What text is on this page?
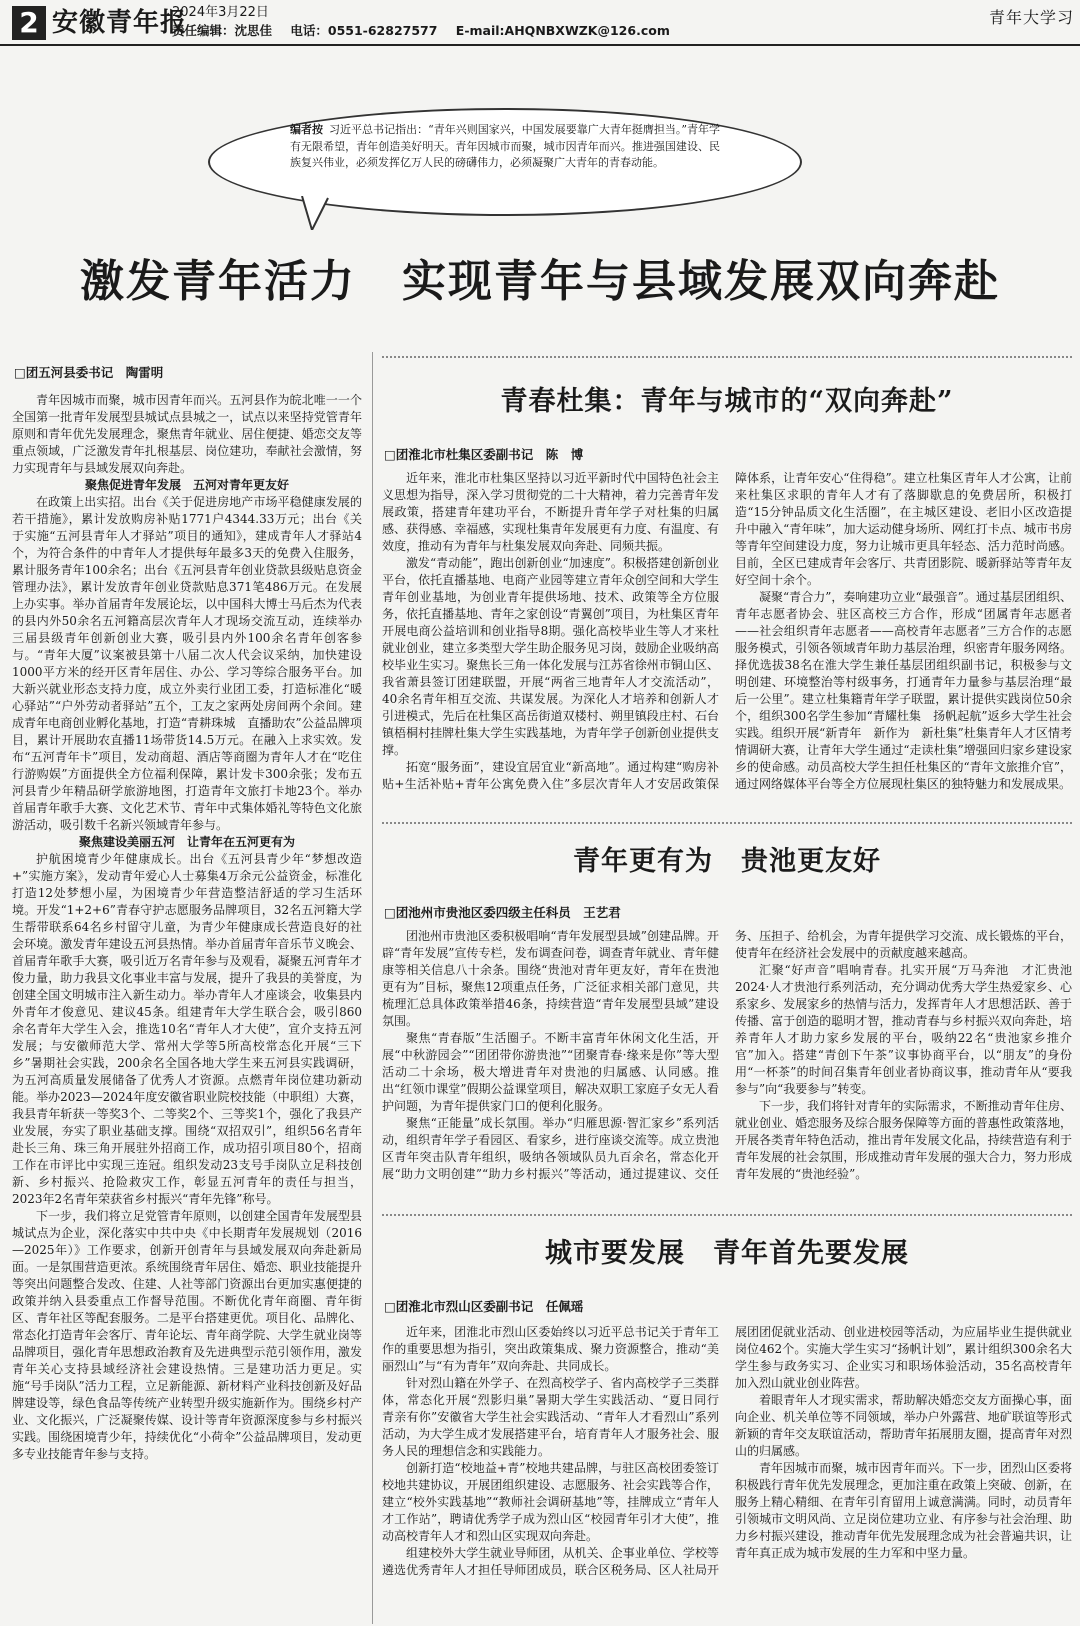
2 安徽青年报
2024年3月22日
责任编辑：沈思佳 电话：0551-62827577 E-mail:AHQNBXWZK@126.com
青年大学习
编者按 习近平总书记指出：“青年兴则国家兴，中国发展要靠广大青年挺膺担当。”青年学有无限希望，青年创造美好明天。青年因城市而聚，城市因青年而兴。推进强国建设、民族复兴伟业，必须发挥亿万人民的磅礴伟力，必须凝聚广大青年的青春动能。
激发青年活力　实现青年与县域发展双向奔赴
□团五河县委书记　陶雷明

青年因城市而聚，城市因青年而兴。五河县作为皖北唯一一个全国第一批青年发展型县城试点县城之一，试点以来坚持党管青年原则和青年优先发展理念，聚焦青年就业、居住便捷、婚恋交友等重点领域，广泛激发青年扎根基层、岗位建功，奉献社会激情，努力实现青年与县域发展双向奔赴。

聚焦促进青年发展　五河对青年更友好

在政策上出实招。出台《关于促进房地产市场平稳健康发展的若干措施》，累计发放购房补贴1771户4344.33万元；出台《关于实施“五河县青年人才驿站”项目的通知》，建成青年人才驿站4个，为符合条件的中青年人才提供每年最多3天的免费入住服务，累计服务青年100余名；出台《五河县青年创业贷款县级贴息资金管理办法》，累计发放青年创业贷款贴息371笔486万元。在发展上办实事。举办首届青年发展论坛，以中国科大博士马后杰为代表的县内外50余名五河籍高层次青年人才现场交流互动，连续举办三届县级青年创新创业大赛，吸引县内外100余名青年创客参与。“青年大厦”议案被县第十八届二次人代会议采纳，加快建设1000平方米的经开区青年居住、办公、学习等综合服务平台。加大新兴就业形态支持力度，成立外卖行业团工委，打造标准化“暖心驿站”“户外劳动者驿站”五个，工友之家两处房间两个余间。建成青年电商创业孵化基地，打造“青耕珠城　直播助农”公益品牌项目，累计开展助农直播11场带货14.5万元。在融入上求实效。发布“五河青年卡”项目，发动商超、酒店等商圈为青年人才在“吃住行游购娱”方面提供全方位福利保障，累计发卡300余张；发布五河县青少年精品研学旅游地图，打造青年文旅打卡地23个。举办首届青年歌手大赛、文化艺术节、青年中式集体婚礼等特色文化旅游活动，吸引数千名新兴领域青年参与。

聚焦建设美丽五河　让青年在五河更有为

护航困境青少年健康成长。出台《五河县青少年“梦想改造+”实施方案》，发动青年爱心人士募集4万余元公益资金，标准化打造12处梦想小屋，为困境青少年营造整洁舒适的学习生活环境。开发“1+2+6”青春守护志愿服务品牌项目，32名五河籍大学生帮带联系64名乡村留守儿童，为青少年健康成长营造良好的社会环境。激发青年建设五河县热情。举办首届青年音乐节义晚会、首届青年歌手大赛，吸引近万名青年参与及观看，凝聚五河青年才俊力量，助力我县文化事业丰富与发展，提升了我县的美誉度，为创建全国文明城市注入新生动力。举办青年人才座谈会，收集县内外青年才俊意见、建议45条。组建青年大学生联合会，吸引860余名青年大学生入会，推选10名“青年人才大使”，宣介支持五河发展；与安徽师范大学、常州大学等5所高校常态化开展“三下乡”暑期社会实践，200余名全国各地大学生来五河县实践调研，为五河高质量发展储备了优秀人才资源。点燃青年岗位建功新动能。举办2023—2024年度安徽省职业院校技能（中职组）大赛，我县青年斩获一等奖3个、二等奖2个、三等奖1个，强化了我县产业发展，夯实了职业基础支撑。围绕“双招双引”，组织56名青年赴长三角、珠三角开展驻外招商工作，成功招引项目80个，招商工作在市评比中实现三连冠。组织发动23支号手岗队立足科技创新、乡村振兴、抢险救灾工作，彰显五河青年的责任与担当，2023年2名青年荣获省乡村振兴“青年先锋”称号。

下一步，我们将立足党管青年原则，以创建全国青年发展型县城试点为企业，深化落实中共中央《中长期青年发展规划（2016—2025年）》工作要求，创新开创青年与县域发展双向奔赴新局面。一是氛围营造更浓。系统围绕青年居住、婚恋、职业技能提升等突出问题整合发改、住建、人社等部门资源出台更加实惠便捷的政策并纳入县委重点工作督导范围。不断优化青年商圈、青年街区、青年社区等配套服务。二是平台搭建更优。项目化、品牌化、常态化打造青年会客厅、青年论坛、青年商学院、大学生就业岗等品牌项目，强化青年思想政治教育及先进典型示范引领作用，激发青年关心支持县域经济社会建设热情。三是建功活力更足。实施“号手岗队”活力工程，立足新能源、新材料产业科技创新及好品牌建设等，绿色食品等传统产业转型升级实施新作为。围绕乡村产业、文化振兴，广泛凝聚传媒、设计等青年资源深度参与乡村振兴实践。围绕困境青少年，持续优化“小荷伞”公益品牌项目，发动更多专业技能青年参与支持。

青春杜集：青年与城市的“双向奔赴”
□团淮北市杜集区委副书记　陈　博

近年来，淮北市杜集区坚持以习近平新时代中国特色社会主义思想为指导，深入学习贯彻党的二十大精神，着力完善青年发展政策，搭建青年建功平台，不断提升青年学子对杜集的归属感、获得感、幸福感，实现杜集青年发展更有力度、有温度、有效度，推动有为青年与杜集发展双向奔赴、同频共振。

激发“青动能”，跑出创新创业“加速度”。积极搭建创新创业平台，依托直播基地、电商产业园等建立青年众创空间和大学生青年创业基地，为创业青年提供场地、技术、政策等全方位服务，依托直播基地、青年之家创设“青翼创”项目，为杜集区青年开展电商公益培训和创业指导8期。强化高校毕业生等人才来杜就业创业，建立多类型大学生助企服务见习岗，鼓励企业吸纳高校毕业生实习。聚焦长三角一体化发展与江苏省徐州市铜山区、我省萧县签订团建联盟，开展“两省三地青年人才交流活动”，40余名青年相互交流、共谋发展。为深化人才培养和创新人才引进模式，先后在杜集区高岳街道双楼村、朔里镇段庄村、石台镇梧桐村挂牌杜集大学生实践基地，为青年学子创新创业提供支撑。

拓宽“服务面”，建设宜居宜业“新高地”。通过构建“购房补贴+生活补贴+青年公寓免费入住”多层次青年人才安居政策保障体系，让青年安心“住得稳”。建立杜集区青年人才公寓，让前来杜集区求职的青年人才有了落脚歇息的免费居所，积极打造“15分钟品质文化生活圈”，在主城区建设、老旧小区改造提升中融入“青年味”，加大运动健身场所、网红打卡点、城市书房等青年空间建设力度，努力让城市更具年轻态、活力范时尚感。目前，全区已建成青年会客厅、共青团影院、暖新驿站等青年友好空间十余个。

凝聚“青合力”，奏响建功立业“最强音”。通过基层团组织、青年志愿者协会、驻区高校三方合作，形成“团属青年志愿者——社会组织青年志愿者——高校青年志愿者”三方合作的志愿服务模式，引领各领域青年助力基层治理，织密青年服务网络。择优选拔38名在淮大学生兼任基层团组织副书记，积极参与文明创建、环境整治等村级事务，打通青年力量参与基层治理“最后一公里”。建立杜集籍青年学子联盟，累计提供实践岗位50余个，组织300名学生参加“青耀杜集　扬帆起航”返乡大学生社会实践。组织开展“新青年　新作为　新杜集”杜集青年人才区情考情调研大赛，让青年大学生通过“走读杜集”增强回归家乡建设家乡的使命感。动员高校大学生担任杜集区的“青年文旅推介官”，通过网络媒体平台等全方位展现杜集区的独特魅力和发展成果。

青年更有为　贵池更友好
□团池州市贵池区委四级主任科员　王艺君

团池州市贵池区委积极唱响“青年发展型县域”创建品牌。开辟“青年发展”宣传专栏，发布调查问卷，调查青年就业、青年健康等相关信息八十余条。围绕“贵池对青年更友好，青年在贵池更有为”目标，聚焦12项重点任务，广泛征求相关部门意见，共梳理汇总具体政策举措46条，持续营造“青年发展型县域”建设氛围。

聚焦“青春版”生活圈子。不断丰富青年休闲文化生活，开展“中秋游园会”“团团带你游贵池”“团聚青春·缘来是你”等大型活动二十余场，极大增进青年对贵池的归属感、认同感。推出“红领巾课堂”假期公益课堂项目，解决双职工家庭子女无人看护问题，为青年提供家门口的便利化服务。

聚焦“正能量”成长氛围。举办“归雁思源·智汇家乡”系列活动，组织青年学子看园区、看家乡，进行座谈交流等。成立贵池区青年突击队青年组织，吸纳各领域队员九百余名，常态化开展“助力文明创建”“助力乡村振兴”等活动，通过提建议、交任务、压担子、给机会，为青年提供学习交流、成长锻炼的平台，使青年在经济社会发展中的贡献度越来越高。

汇聚“好声音”唱响青春。扎实开展“万马奔池　才汇贵池2024·人才贵池行系列活动，充分调动优秀大学生热爱家乡、心系家乡、发展家乡的热情与活力，发挥青年人才思想活跃、善于传播、富于创造的聪明才智，推动青春与乡村振兴双向奔赴，培养青年人才助力家乡发展的平台，吸纳22名“贵池家乡推介官”加入。搭建“青创下午茶”议事协商平台，以“朋友”的身份用“一杯茶”的时间召集青年创业者协商议事，推动青年从“要我参与”向“我要参与”转变。

下一步，我们将针对青年的实际需求，不断推动青年住房、就业创业、婚恋服务及综合服务保障等方面的普惠性政策落地，开展各类青年特色活动，推出青年发展文化品，持续营造有利于青年发展的社会氛围，形成推动青年发展的强大合力，努力形成青年发展的“贵池经验”。

城市要发展　青年首先要发展
□团淮北市烈山区委副书记　任佩瑶

近年来，团淮北市烈山区委始终以习近平总书记关于青年工作的重要思想为指引，突出政策集成、聚力资源整合，推动“美丽烈山”与“有为青年”双向奔赴、共同成长。

针对烈山籍在外学子、在烈高校学子、省内高校学子三类群体，常态化开展“烈影归巢”暑期大学生实践活动、“夏日同行　青亲有你”安徽省大学生社会实践活动、“青年人才看烈山”系列活动，为大学生成才发展搭建平台，培育青年人才服务社会、服务人民的理想信念和实践能力。

创新打造“校地益+青”校地共建品牌，与驻区高校团委签订校地共建协议，开展团组织建设、志愿服务、社会实践等合作，建立“校外实践基地”“教师社会调研基地”等，挂牌成立“青年人才工作站”，聘请优秀学子成为烈山区“校园青年引才大使”，推动高校青年人才和烈山区实现双向奔赴。

组建校外大学生就业导师团，从机关、企事业单位、学校等遴选优秀青年人才担任导师团成员，联合区税务局、区人社局开展团团促就业活动、创业进校园等活动，为应届毕业生提供就业岗位462个。实施大学生实习“扬帆计划”，累计组织300余名大学生参与政务实习、企业实习和职场体验活动，35名高校青年加入烈山就业创业阵营。

着眼青年人才现实需求，帮助解决婚恋交友方面操心事，面向企业、机关单位等不同领域，举办户外露营、地矿联谊等形式新颖的青年交友联谊活动，帮助青年拓展朋友圈，提高青年对烈山的归属感。

青年因城市而聚，城市因青年而兴。下一步，团烈山区委将积极践行青年优先发展理念，更加注重在政策上突破、创新，在服务上精心精细、在青年引育留用上诚意满满。同时，动员青年引领城市文明风尚、立足岗位建功立业、有序参与社会治理、助力乡村振兴建设，推动青年优先发展理念成为社会普遍共识，让青年真正成为城市发展的生力军和中坚力量。
